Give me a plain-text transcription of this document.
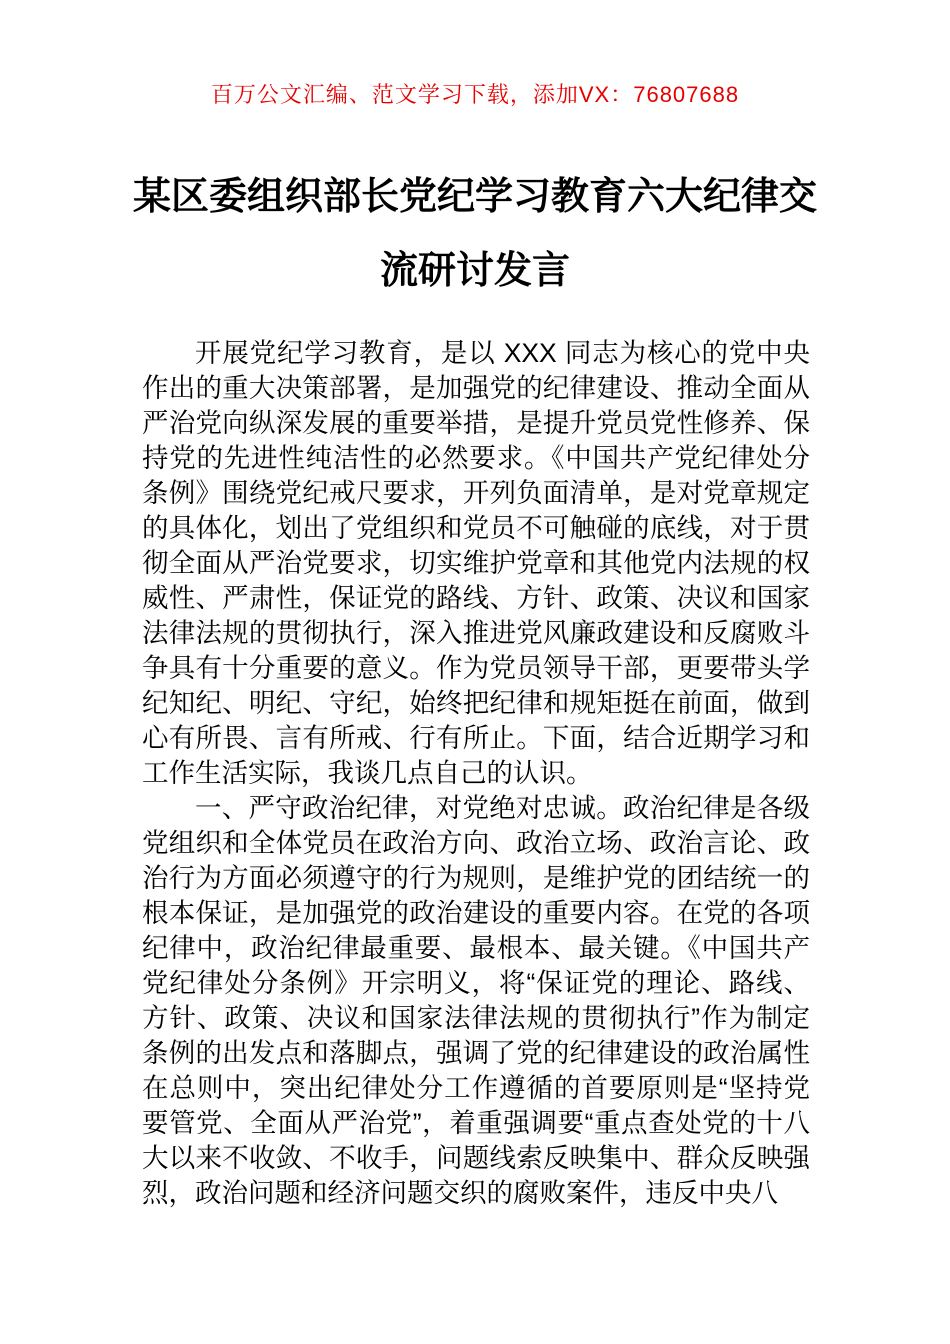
百万公文汇编、范文学习下载，添加VX：76807688
某区委组织部长党纪学习教育六大纪律交流研讨发言

开展党纪学习教育，是以 XXX 同志为核心的党中央作出的重大决策部署，是加强党的纪律建设、推动全面从严治党向纵深发展的重要举措，是提升党员党性修养、保持党的先进性纯洁性的必然要求。《中国共产党纪律处分条例》围绕党纪戒尺要求，开列负面清单，是对党章规定的具体化，划出了党组织和党员不可触碰的底线，对于贯彻全面从严治党要求，切实维护党章和其他党内法规的权威性、严肃性，保证党的路线、方针、政策、决议和国家法律法规的贯彻执行，深入推进党风廉政建设和反腐败斗争具有十分重要的意义。作为党员领导干部，更要带头学纪知纪、明纪、守纪，始终把纪律和规矩挺在前面，做到心有所畏、言有所戒、行有所止。下面，结合近期学习和工作生活实际，我谈几点自己的认识。

一、严守政治纪律，对党绝对忠诚。政治纪律是各级党组织和全体党员在政治方向、政治立场、政治言论、政治行为方面必须遵守的行为规则，是维护党的团结统一的根本保证，是加强党的政治建设的重要内容。在党的各项纪律中，政治纪律最重要、最根本、最关键。《中国共产党纪律处分条例》开宗明义，将“保证党的理论、路线、方针、政策、决议和国家法律法规的贯彻执行”作为制定条例的出发点和落脚点，强调了党的纪律建设的政治属性在总则中，突出纪律处分工作遵循的首要原则是“坚持党要管党、全面从严治党”，着重强调要“重点查处党的十八大以来不收敛、不收手，问题线索反映集中、群众反映强烈，政治问题和经济问题交织的腐败案件，违反中央八
